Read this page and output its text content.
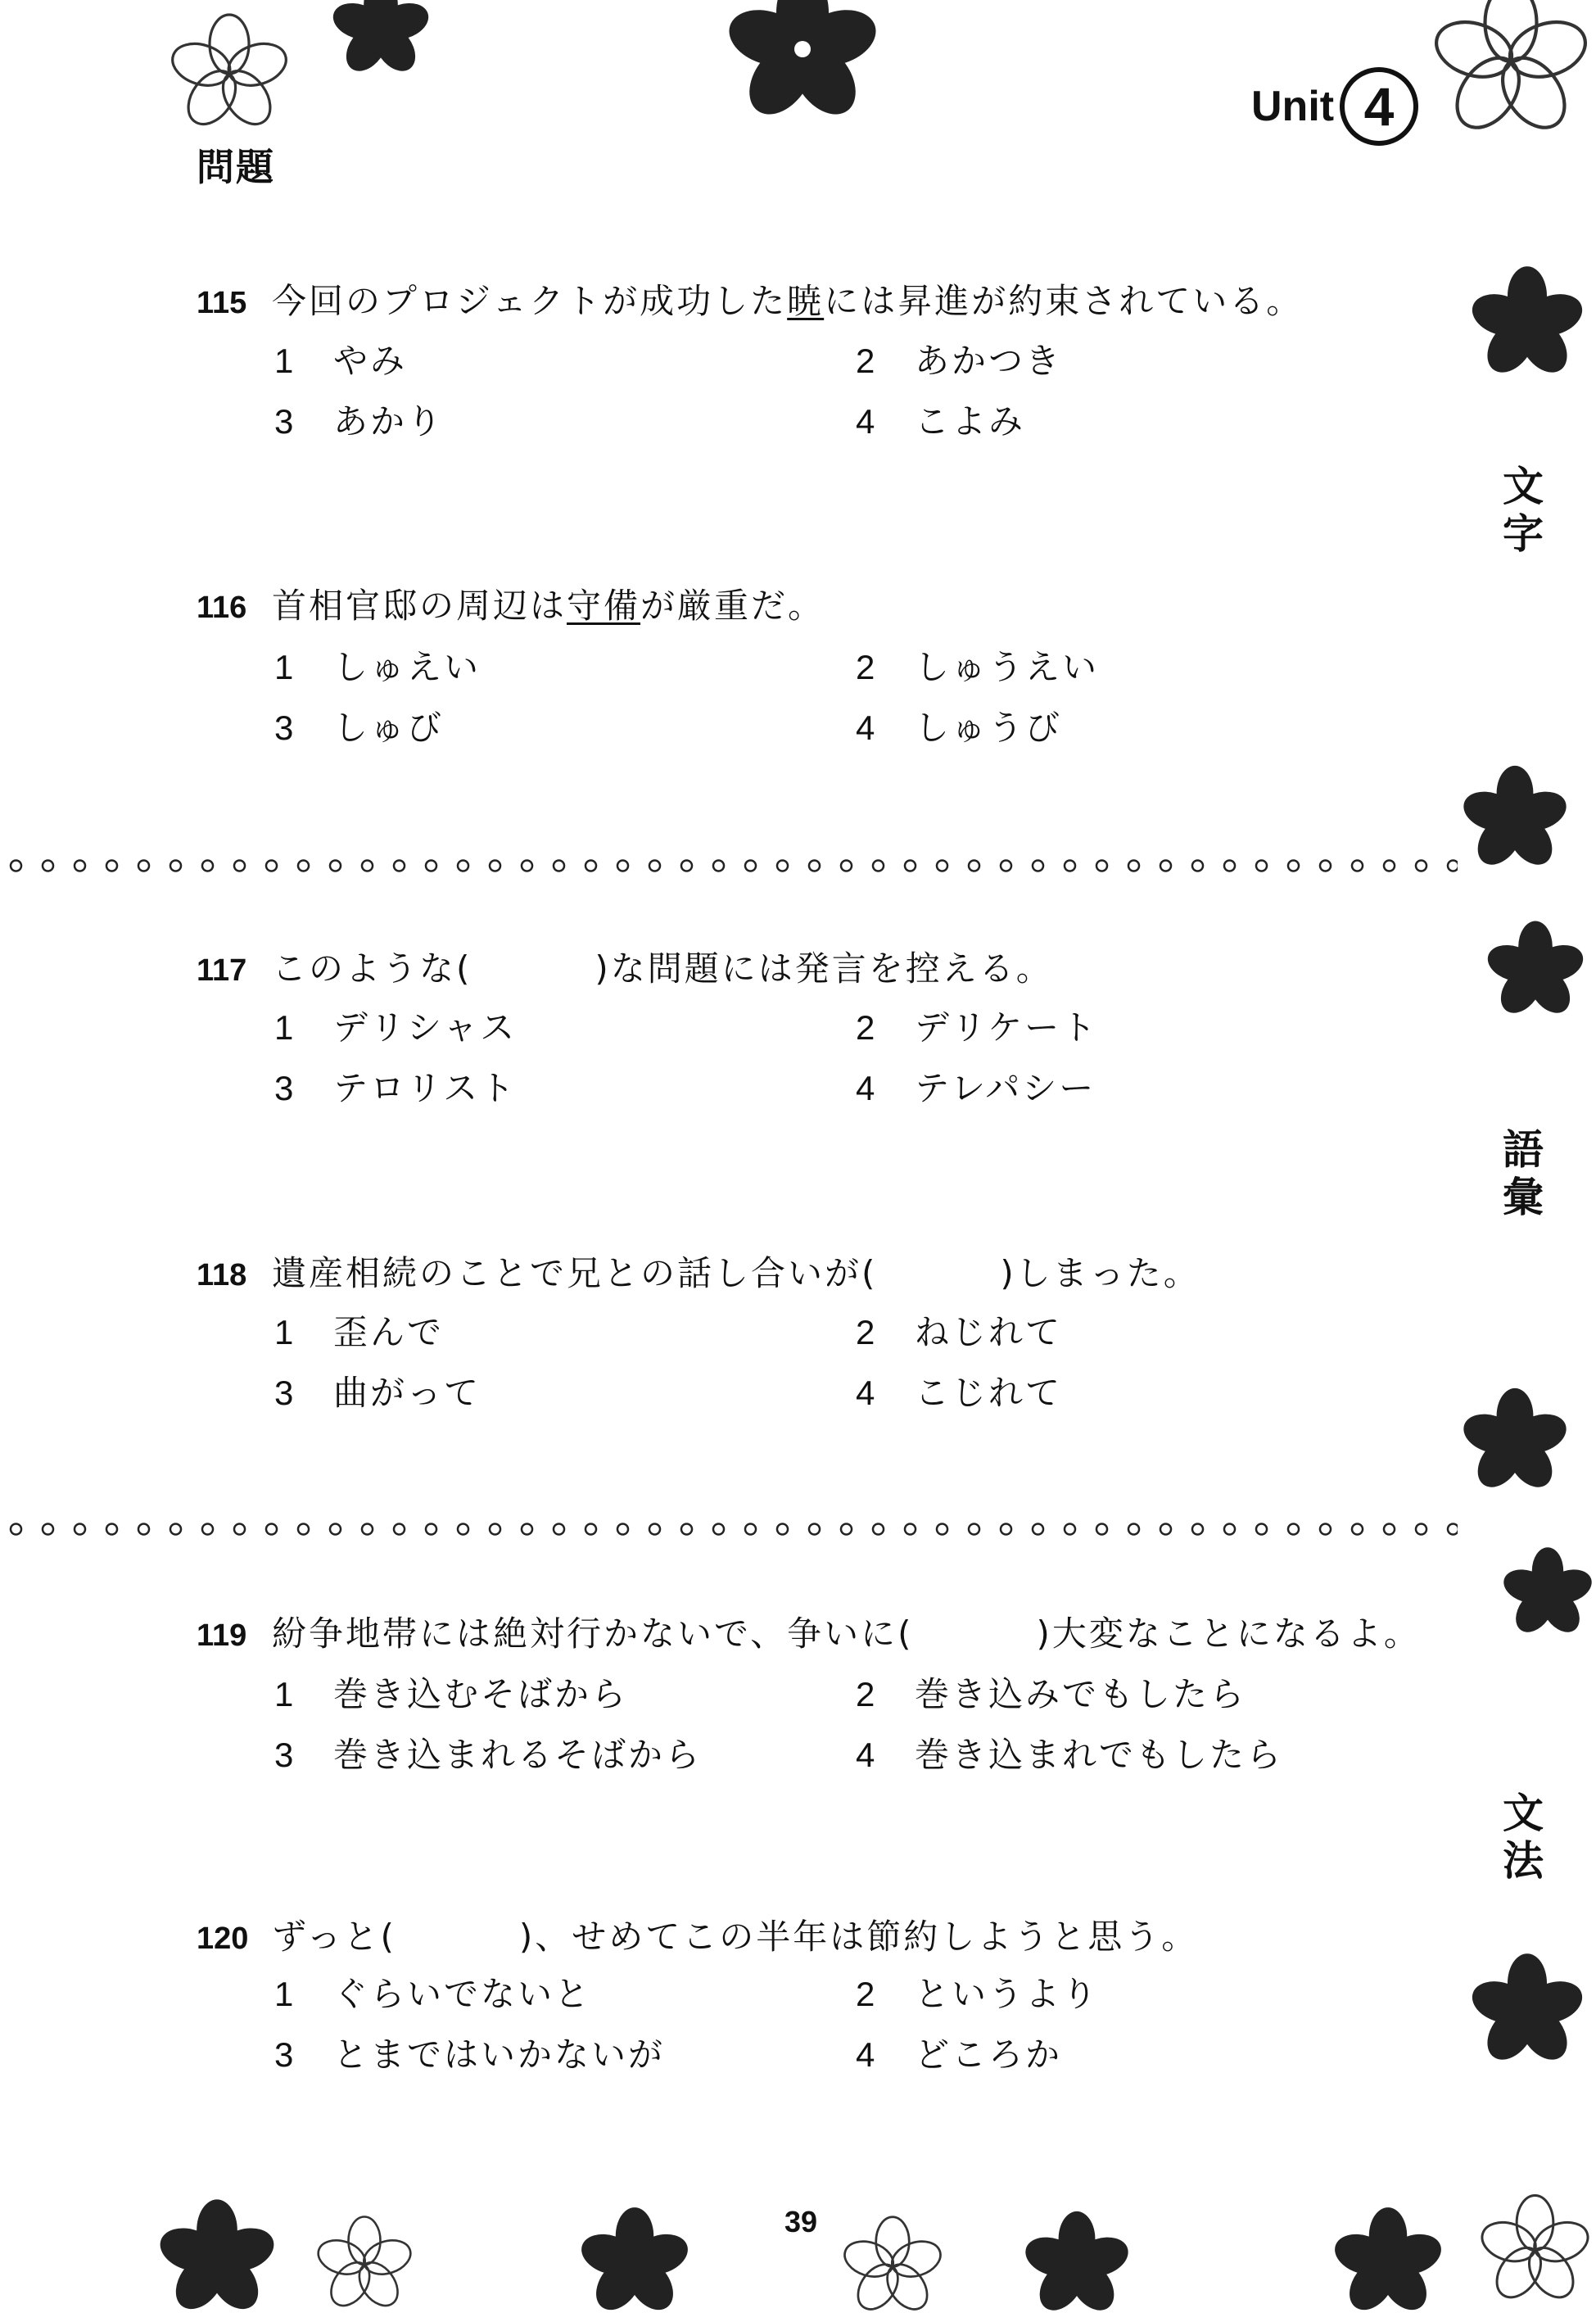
Unit 4
問題
文字
語彙
文法
115 今回のプロジェクトが成功した暁には昇進が約束されている。
1 やみ	2 あかつき
3 あかり	4 こよみ
116 首相官邸の周辺は守備が厳重だ。
1 しゅえい	2 しゅうえい
3 しゅび	4 しゅうび
117 このような(	)な問題には発言を控える。
1 デリシャス	2 デリケート
3 テロリスト	4 テレパシー
118 遺産相続のことで兄との話し合いが(	)しまった。
1 歪んで	2 ねじれて
3 曲がって	4 こじれて
119 紛争地帯には絶対行かないで、争いに(	)大変なことになるよ。
1 巻き込むそばから	2 巻き込みでもしたら
3 巻き込まれるそばから	4 巻き込まれでもしたら
120 ずっと(	)、せめてこの半年は節約しようと思う。
1 ぐらいでないと	2 というより
3 とまではいかないが	4 どころか
39
